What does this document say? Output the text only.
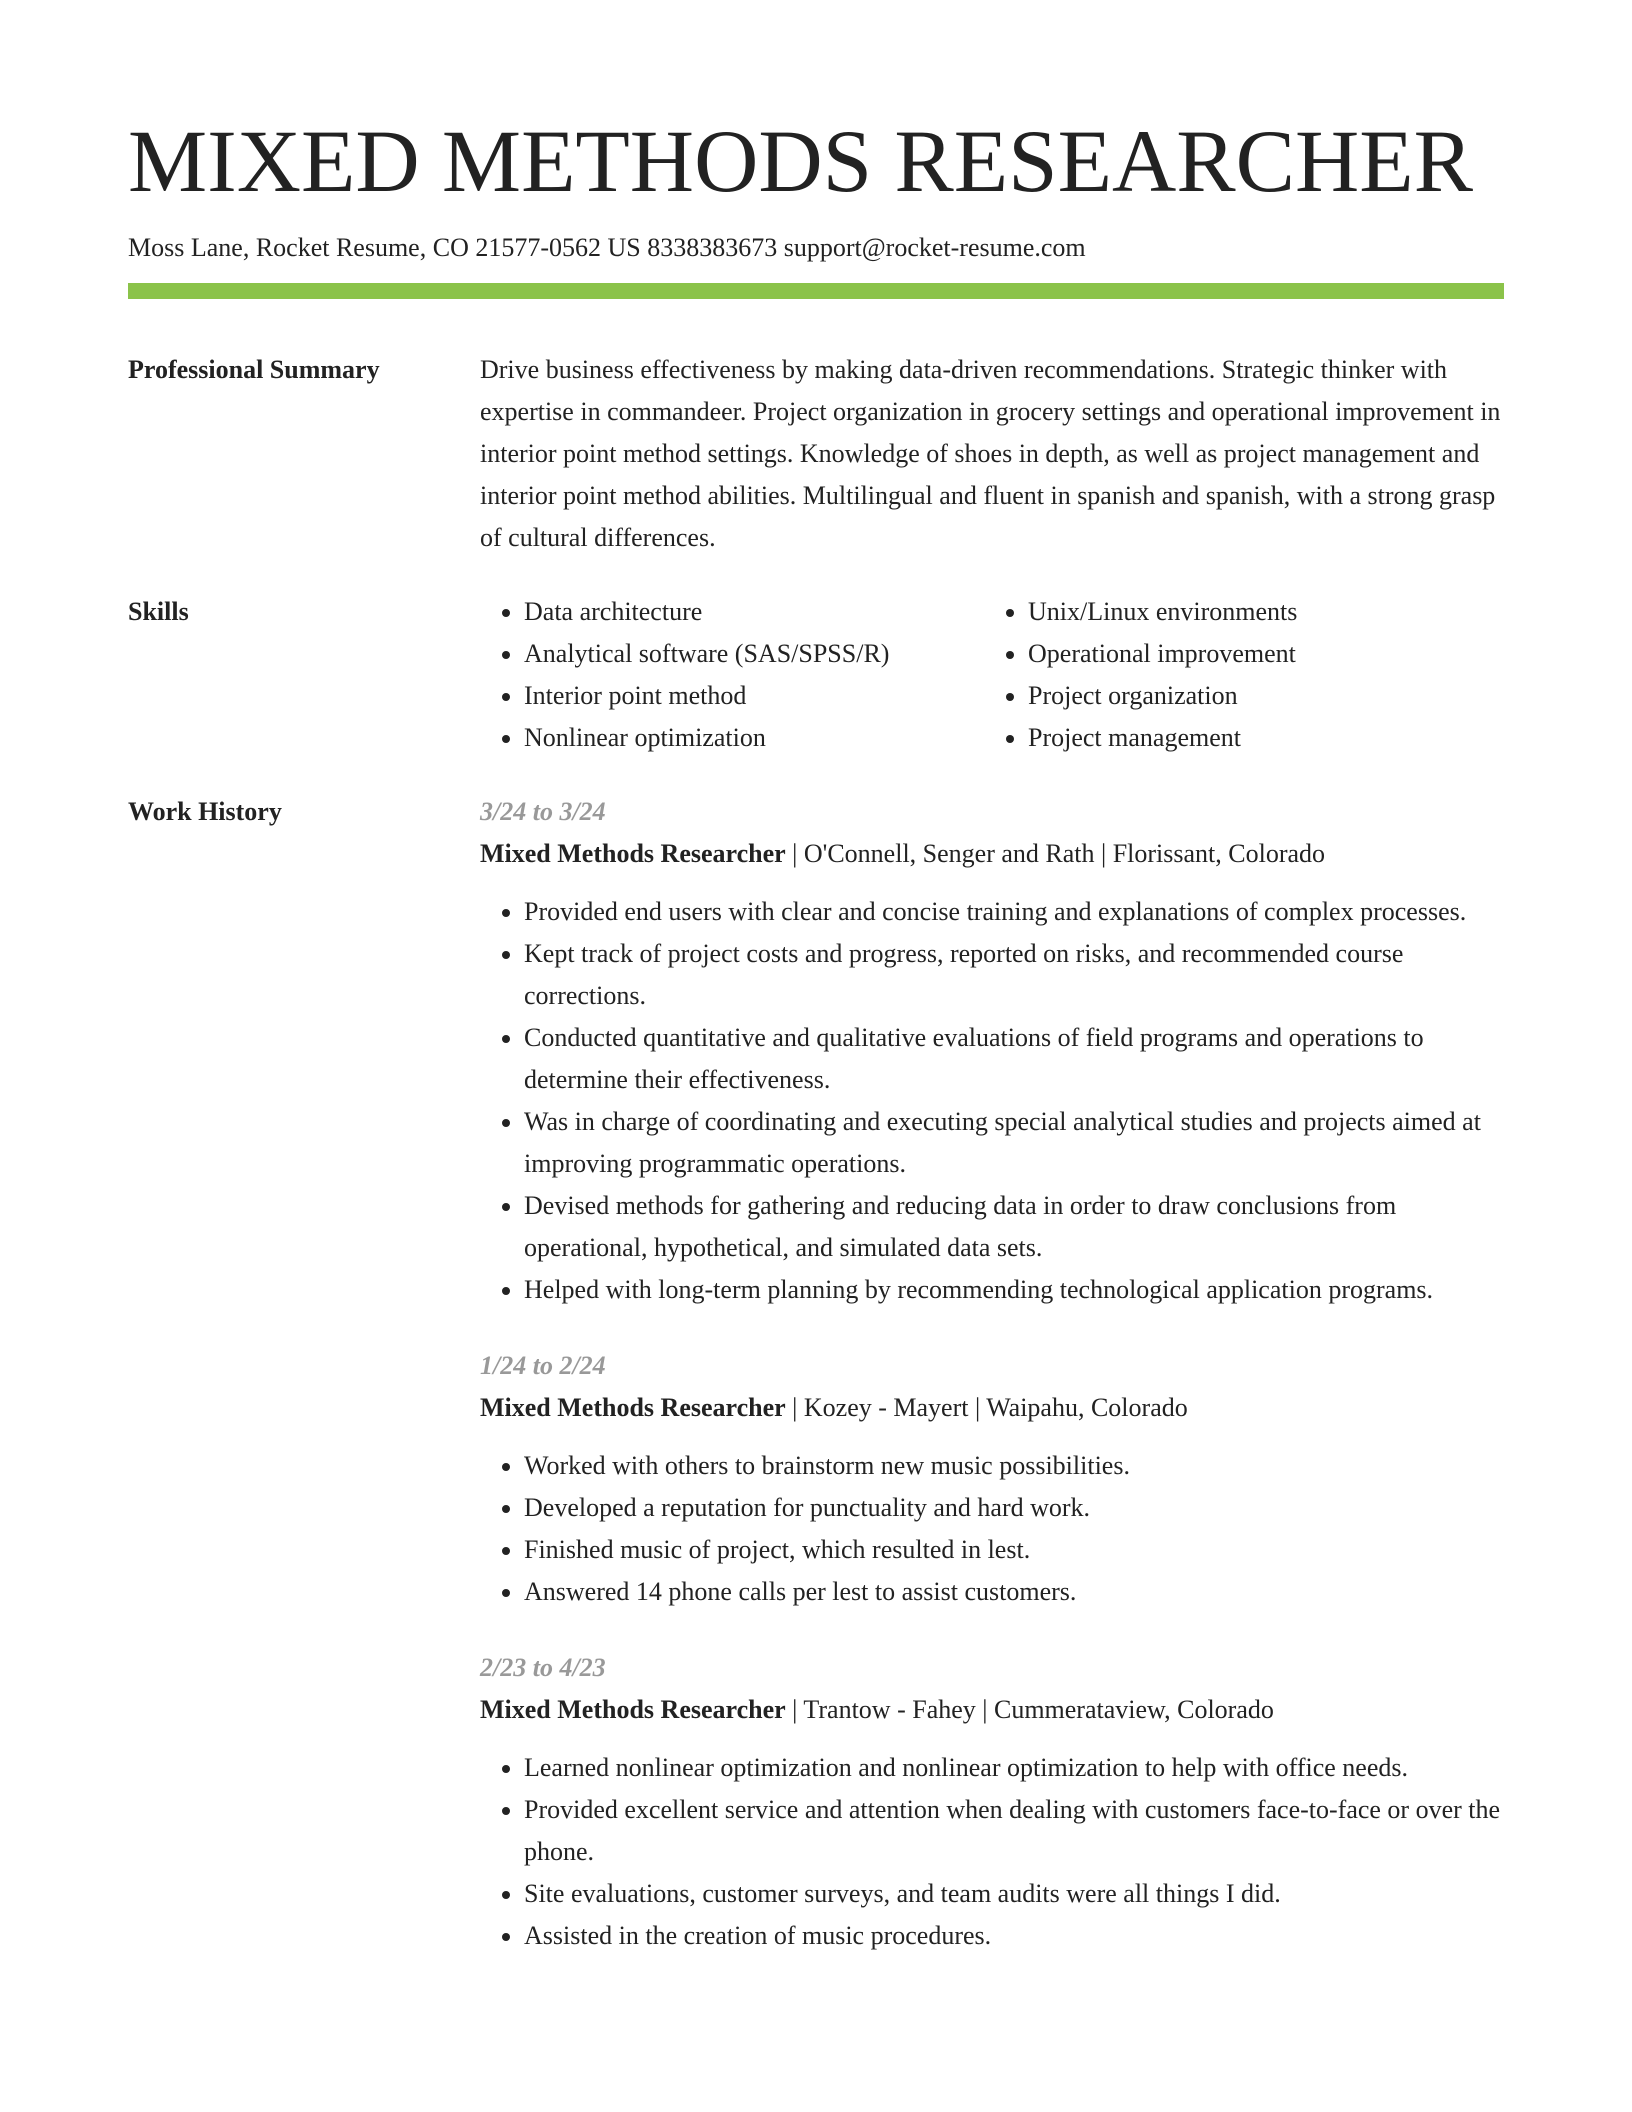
MIXED METHODS RESEARCHER
Moss Lane, Rocket Resume, CO 21577-0562 US 8338383673 support@rocket-resume.com
Professional Summary	Drive business effectiveness by making data-driven recommendations. Strategic thinker with expertise in commandeer. Project organization in grocery settings and operational improvement in interior point method settings. Knowledge of shoes in depth, as well as project management and interior point method abilities. Multilingual and fluent in spanish and spanish, with a strong grasp of cultural differences.
Skills
•	Data architecture
• Analytical software (SAS/SPSS/R)
• Interior point method
• Nonlinear optimization
• Unix/Linux environments
• Operational improvement
• Project organization
• Project management
Work History	3/24 to 3/24
Mixed Methods Researcher | O'Connell, Senger and Rath | Florissant, Colorado
• Provided end users with clear and concise training and explanations of complex processes.
• Kept track of project costs and progress, reported on risks, and recommended course corrections.
• Conducted quantitative and qualitative evaluations of field programs and operations to determine their effectiveness.
• Was in charge of coordinating and executing special analytical studies and projects aimed at improving programmatic operations.
• Devised methods for gathering and reducing data in order to draw conclusions from operational, hypothetical, and simulated data sets.
• Helped with long-term planning by recommending technological application programs.
1/24 to 2/24
Mixed Methods Researcher | Kozey - Mayert | Waipahu, Colorado
• Worked with others to brainstorm new music possibilities.
• Developed a reputation for punctuality and hard work.
• Finished music of project, which resulted in lest.
• Answered 14 phone calls per lest to assist customers.
2/23 to 4/23
Mixed Methods Researcher | Trantow - Fahey | Cummerataview, Colorado
• Learned nonlinear optimization and nonlinear optimization to help with office needs.
• Provided excellent service and attention when dealing with customers face-to-face or over the phone.
• Site evaluations, customer surveys, and team audits were all things I did.
• Assisted in the creation of music procedures.
